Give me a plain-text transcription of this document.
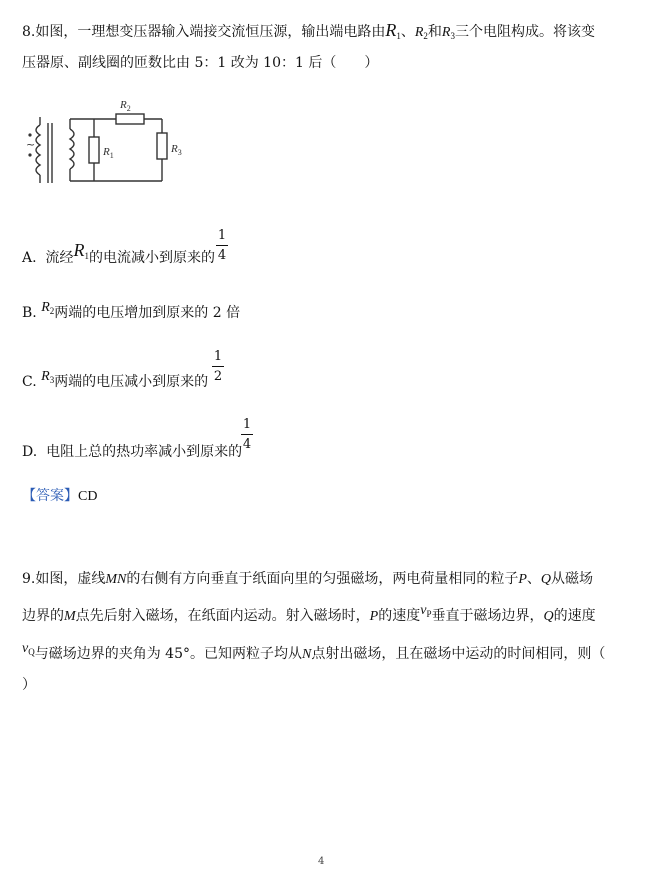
8.如图，一理想变压器输入端接交流恒压源，输出端电路由$R_1$、$R_2$和$R_3$三个电阻构成。将该变
压器原、副线圈的匝数比由 5：1 改为 10：1 后（　　）
~
$R_2$
$R_1$
$R_3$
A. 流经$R_1$的电流减小到原来的
1
4
B. $R_2$两端的电压增加到原来的 2 倍
C. $R_3$两端的电压减小到原来的
1
2
D. 电阻上总的热功率减小到原来的
1
4
【答案】CD
9.如图，虚线MN的右侧有方向垂直于纸面向里的匀强磁场，两电荷量相同的粒子P、Q从磁场
边界的M点先后射入磁场，在纸面内运动。射入磁场时，P的速度$v_P$垂直于磁场边界，Q的速度
$v_Q$与磁场边界的夹角为 45°。已知两粒子均从N点射出磁场，且在磁场中运动的时间相同，则（
）
4
